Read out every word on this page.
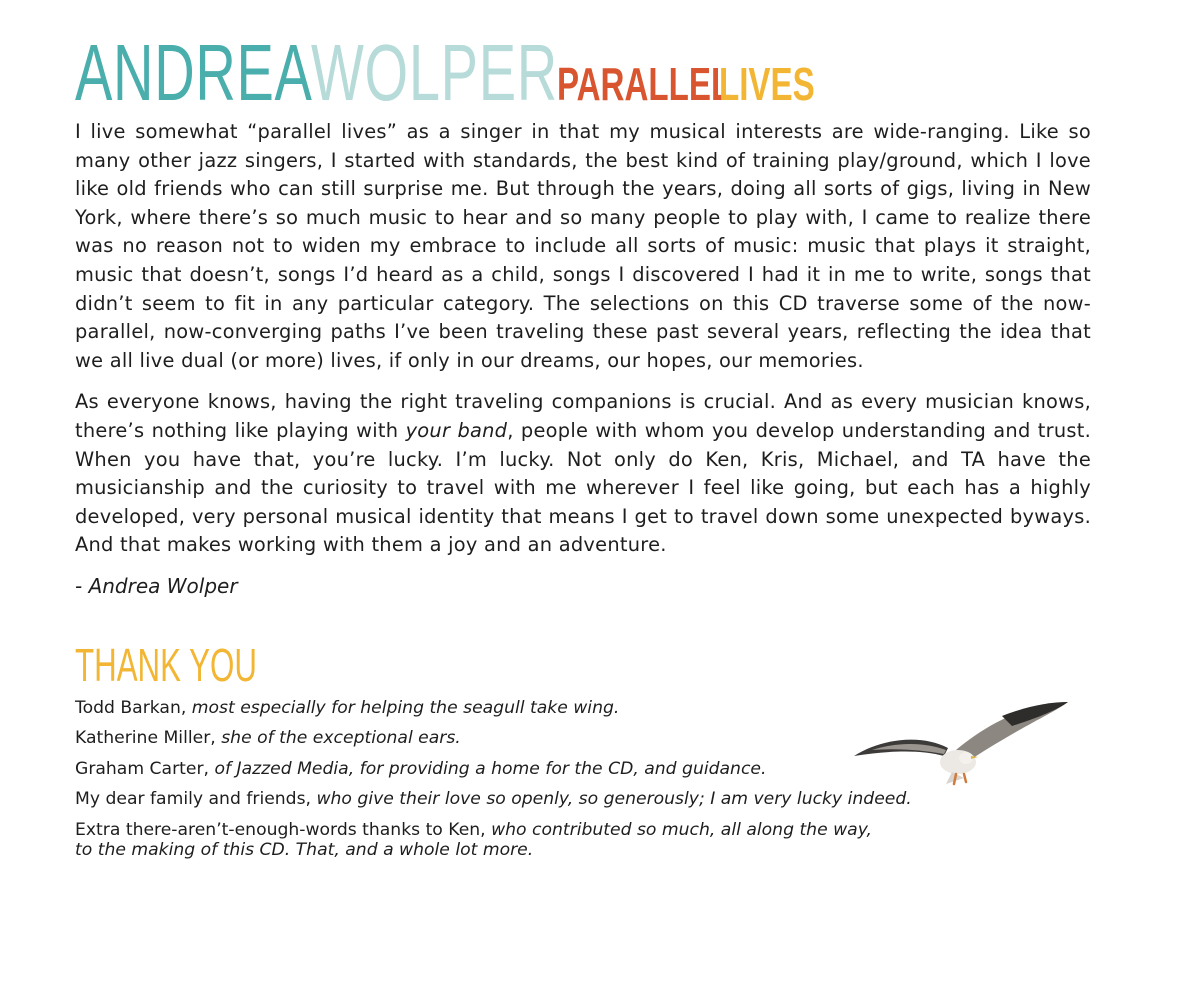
ANDREA
WOLPER PARALLEL
LIVES

I live somewhat “parallel lives” as a singer in that my musical interests are wide-ranging. Like so many other jazz singers, I started with standards, the best kind of training play/ground, which I love like old friends who can still surprise me. But through the years, doing all sorts of gigs, living in New York, where there’s so much music to hear and so many people to play with, I came to realize there was no reason not to widen my embrace to include all sorts of music: music that plays it straight, music that doesn’t, songs I’d heard as a child, songs I discovered I had it in me to write, songs that didn’t seem to fit in any particular category. The selections on this CD traverse some of the now-parallel, now-converging paths I’ve been traveling these past several years, reflecting the idea that we all live dual (or more) lives, if only in our dreams, our hopes, our memories.

As everyone knows, having the right traveling companions is crucial. And as every musician knows, there’s nothing like playing with your band, people with whom you develop understanding and trust. When you have that, you’re lucky. I’m lucky. Not only do Ken, Kris, Michael, and TA have the musicianship and the curiosity to travel with me wherever I feel like going, but each has a highly developed, very personal musical identity that means I get to travel down some unexpected byways. And that makes working with them a joy and an adventure.

- Andrea Wolper
THANK YOU
Todd Barkan, most especially for helping the seagull take wing.
Katherine Miller, she of the exceptional ears.
Graham Carter, of Jazzed Media, for providing a home for the CD, and guidance.
My dear family and friends, who give their love so openly, so generously; I am very lucky indeed.
Extra there-aren’t-enough-words thanks to Ken, who contributed so much, all along the way,
to the making of this CD. That, and a whole lot more.
